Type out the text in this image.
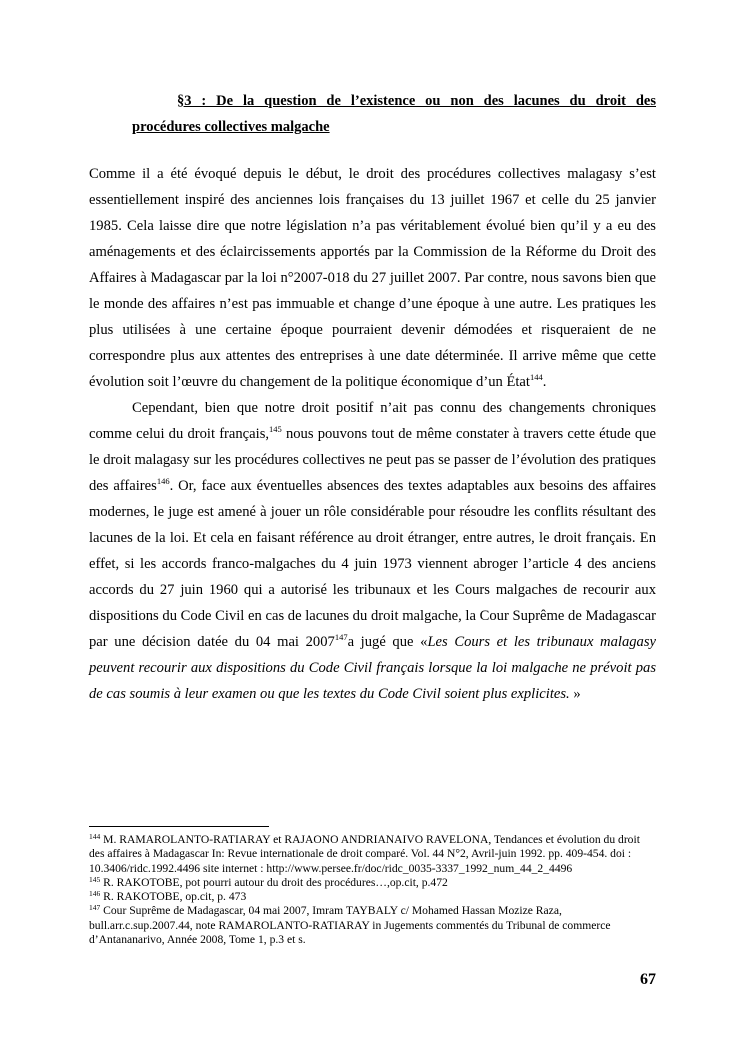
§3 : De la question de l’existence ou non des lacunes du droit des
procédures collectives malgache

Comme il a été évoqué depuis le début, le droit des procédures collectives malagasy s’est essentiellement inspiré des anciennes lois françaises du 13 juillet 1967 et celle du 25 janvier 1985. Cela laisse dire que notre législation n’a pas véritablement évolué bien qu’il y a eu des aménagements et des éclaircissements apportés par la Commission de la Réforme du Droit des Affaires à Madagascar par la loi n°2007-018 du 27 juillet 2007. Par contre, nous savons bien que le monde des affaires n’est pas immuable et change d’une époque à une autre. Les pratiques les plus utilisées à une certaine époque pourraient devenir démodées et risqueraient de ne correspondre plus aux attentes des entreprises à une date déterminée. Il arrive même que cette évolution soit l’œuvre du changement de la politique économique d’un État$^{144}$.

Cependant, bien que notre droit positif n’ait pas connu des changements chroniques comme celui du droit français,$^{145}$ nous pouvons tout de même constater à travers cette étude que le droit malagasy sur les procédures collectives ne peut pas se passer de l’évolution des pratiques des affaires$^{146}$. Or, face aux éventuelles absences des textes adaptables aux besoins des affaires modernes, le juge est amené à jouer un rôle considérable pour résoudre les conflits résultant des lacunes de la loi. Et cela en faisant référence au droit étranger, entre autres, le droit français. En effet, si les accords franco-malgaches du 4 juin 1973 viennent abroger l’article 4 des anciens accords du 27 juin 1960 qui a autorisé les tribunaux et les Cours malgaches de recourir aux dispositions du Code Civil en cas de lacunes du droit malgache, la Cour Suprême de Madagascar par une décision datée du 04 mai 2007$^{147}$a jugé que «Les Cours et les tribunaux malagasy peuvent recourir aux dispositions du Code Civil français lorsque la loi malgache ne prévoit pas de cas soumis à leur examen ou que les textes du Code Civil soient plus explicites. »

$^{144}$ M. RAMAROLANTO-RATIARAY et RAJAONO ANDRIANAIVO RAVELONA, Tendances et évolution du droit des affaires à Madagascar In: Revue internationale de droit comparé. Vol. 44 N°2, Avril-juin 1992. pp. 409-454. doi : 10.3406/ridc.1992.4496 site internet : http://www.persee.fr/doc/ridc_0035-3337_1992_num_44_2_4496
$^{145}$ R. RAKOTOBE, pot pourri autour du droit des procédures…,op.cit, p.472
$^{146}$ R. RAKOTOBE, op.cit, p. 473
$^{147}$ Cour Suprême de Madagascar, 04 mai 2007, Imram TAYBALY c/ Mohamed Hassan Mozize Raza, bull.arr.c.sup.2007.44, note RAMAROLANTO-RATIARAY in Jugements commentés du Tribunal de commerce d’Antananarivo, Année 2008, Tome 1, p.3 et s.
67
